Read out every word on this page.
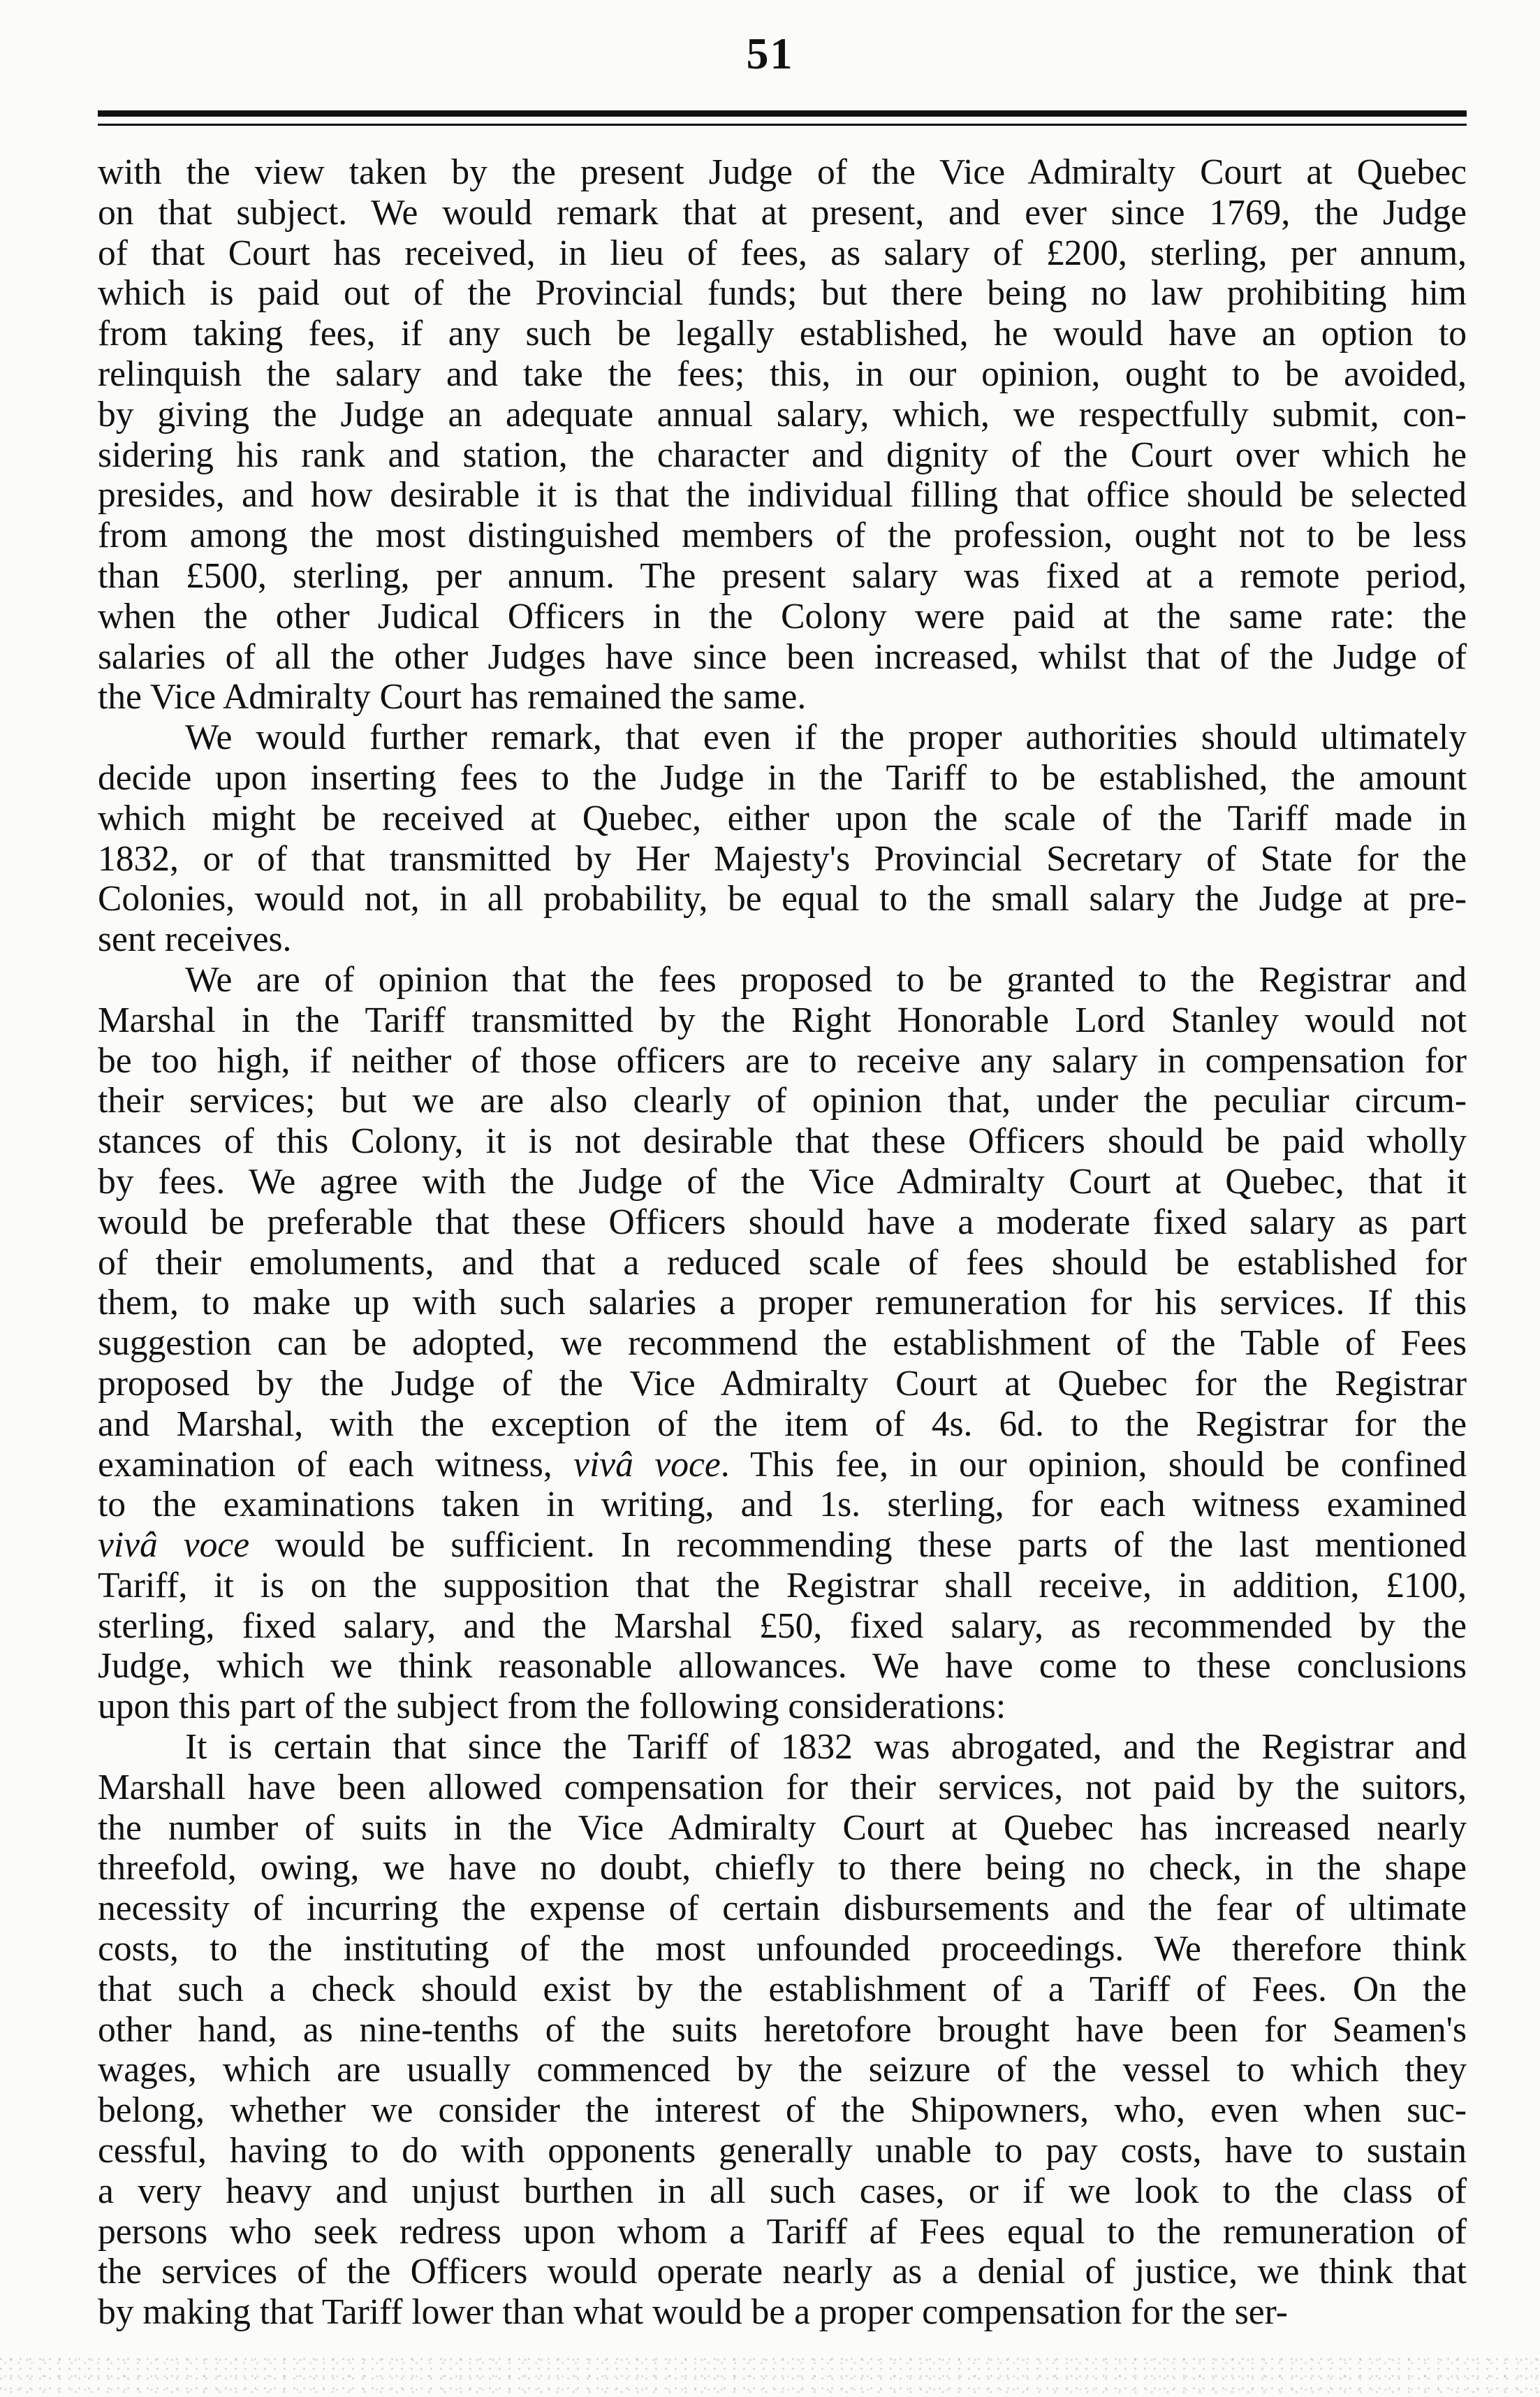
51

with the view taken by the present Judge of the Vice Admiralty Court at Quebec
on that subject. We would remark that at present, and ever since 1769, the Judge
of that Court has received, in lieu of fees, as salary of £200, sterling, per annum,
which is paid out of the Provincial funds; but there being no law prohibiting him
from taking fees, if any such be legally established, he would have an option to
relinquish the salary and take the fees; this, in our opinion, ought to be avoided,
by giving the Judge an adequate annual salary, which, we respectfully submit, con-
sidering his rank and station, the character and dignity of the Court over which he
presides, and how desirable it is that the individual filling that office should be selected
from among the most distinguished members of the profession, ought not to be less
than £500, sterling, per annum. The present salary was fixed at a remote period,
when the other Judical Officers in the Colony were paid at the same rate: the
salaries of all the other Judges have since been increased, whilst that of the Judge of
the Vice Admiralty Court has remained the same.

We would further remark, that even if the proper authorities should ultimately
decide upon inserting fees to the Judge in the Tariff to be established, the amount
which might be received at Quebec, either upon the scale of the Tariff made in
1832, or of that transmitted by Her Majesty's Provincial Secretary of State for the
Colonies, would not, in all probability, be equal to the small salary the Judge at pre-
sent receives.

We are of opinion that the fees proposed to be granted to the Registrar and
Marshal in the Tariff transmitted by the Right Honorable Lord Stanley would not
be too high, if neither of those officers are to receive any salary in compensation for
their services; but we are also clearly of opinion that, under the peculiar circum-
stances of this Colony, it is not desirable that these Officers should be paid wholly
by fees. We agree with the Judge of the Vice Admiralty Court at Quebec, that it
would be preferable that these Officers should have a moderate fixed salary as part
of their emoluments, and that a reduced scale of fees should be established for
them, to make up with such salaries a proper remuneration for his services. If this
suggestion can be adopted, we recommend the establishment of the Table of Fees
proposed by the Judge of the Vice Admiralty Court at Quebec for the Registrar
and Marshal, with the exception of the item of 4s. 6d. to the Registrar for the
examination of each witness, vivâ voce. This fee, in our opinion, should be confined
to the examinations taken in writing, and 1s. sterling, for each witness examined
vivâ voce would be sufficient. In recommending these parts of the last mentioned
Tariff, it is on the supposition that the Registrar shall receive, in addition, £100,
sterling, fixed salary, and the Marshal £50, fixed salary, as recommended by the
Judge, which we think reasonable allowances. We have come to these conclusions
upon this part of the subject from the following considerations:

It is certain that since the Tariff of 1832 was abrogated, and the Registrar and
Marshall have been allowed compensation for their services, not paid by the suitors,
the number of suits in the Vice Admiralty Court at Quebec has increased nearly
threefold, owing, we have no doubt, chiefly to there being no check, in the shape
necessity of incurring the expense of certain disbursements and the fear of ultimate
costs, to the instituting of the most unfounded proceedings. We therefore think
that such a check should exist by the establishment of a Tariff of Fees. On the
other hand, as nine-tenths of the suits heretofore brought have been for Seamen's
wages, which are usually commenced by the seizure of the vessel to which they
belong, whether we consider the interest of the Shipowners, who, even when suc-
cessful, having to do with opponents generally unable to pay costs, have to sustain
a very heavy and unjust burthen in all such cases, or if we look to the class of
persons who seek redress upon whom a Tariff af Fees equal to the remuneration of
the services of the Officers would operate nearly as a denial of justice, we think that
by making that Tariff lower than what would be a proper compensation for the ser-
